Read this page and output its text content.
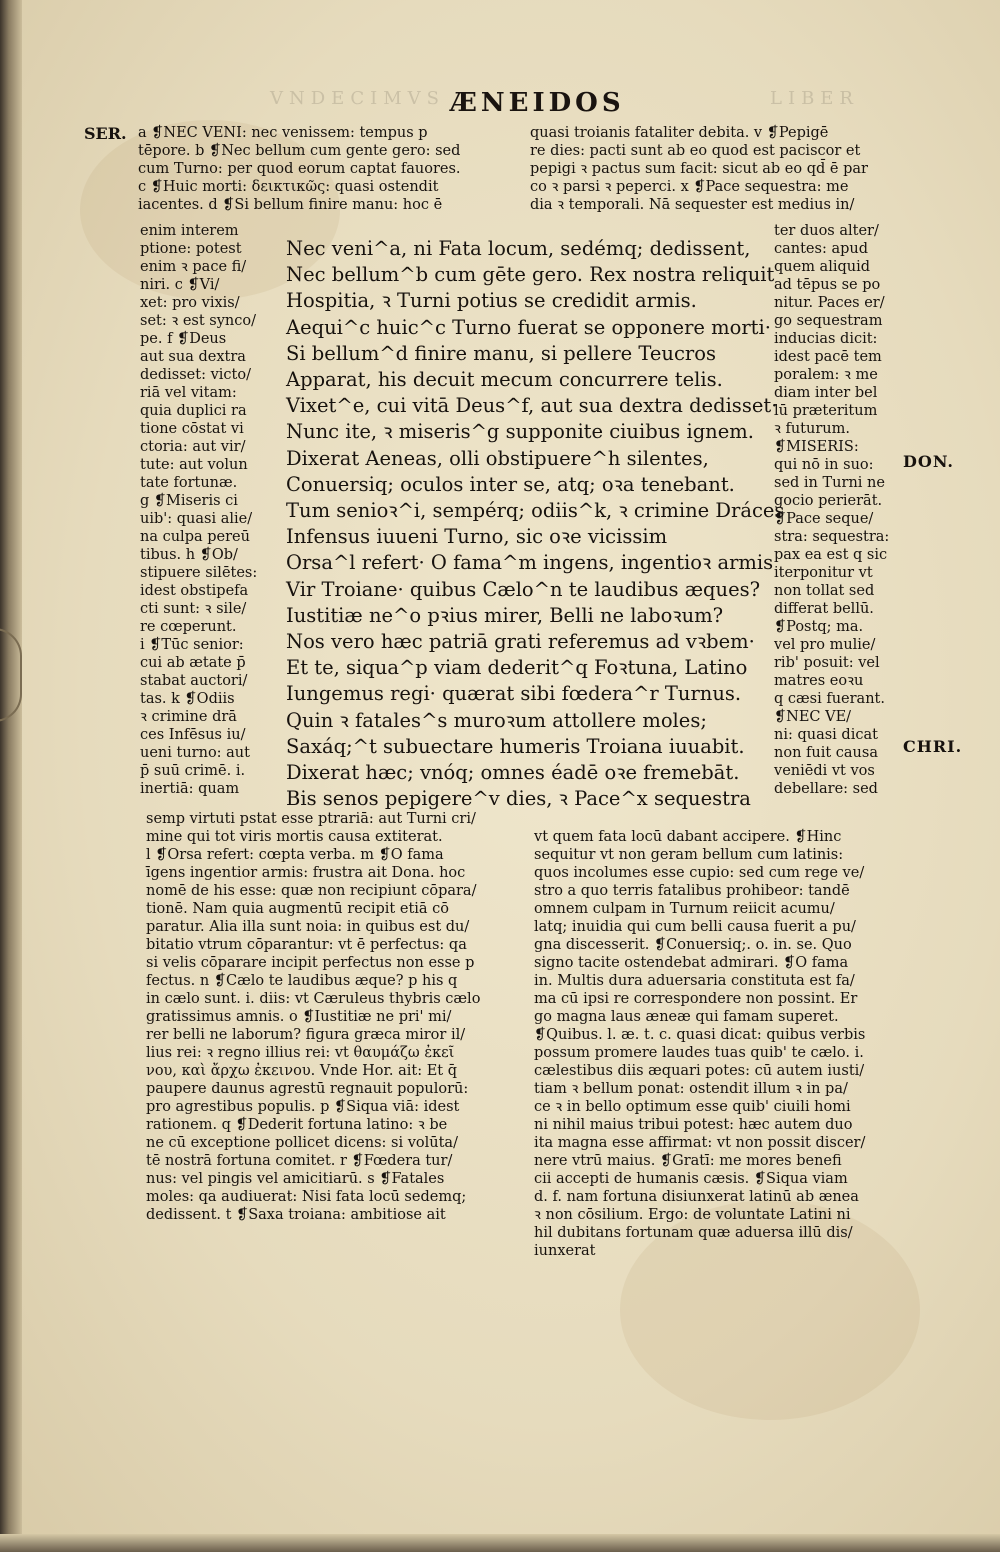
VNDECIMVS	LIBER
ÆNEIDOS
SER.
DON.
CHRI.
a ❡NEC VENI: nec venissem: tempus p
tēpore. b ❡Nec bellum cum gente gero: sed
cum Turno: per quod eorum captat fauores.
c ❡Huic morti: δεικτικῶς: quasi ostendit
iacentes. d ❡Si bellum finire manu: hoc ē
quasi troianis fataliter debita. v ❡Pepigē
re dies: pacti sunt ab eo quod est paciscor et
pepigi ꝛ pactus sum facit: sicut ab eo qd̄ ē par
co ꝛ parsi ꝛ peperci. x ❡Pace sequestra: me
dia ꝛ temporali. Nā sequester est medius in/
enim interem
ptione: potest
enim ꝛ pace fi/
niri. c ❡Vi/
xet: pro vixis/
set: ꝛ est synco/
pe. f ❡Deus
aut sua dextra
dedisset: victo/
riā vel vitam:
quia duplici ra
tione cōstat vi
ctoria: aut vir/
tute: aut volun
tate fortunæ.
g ❡Miseris ci
uib': quasi alie/
na culpa pereū
tibus. h ❡Ob/
stipuere silētes:
idest obstipefa
cti sunt: ꝛ sile/
re cœperunt.
i ❡Tūc senior:
cui ab ætate p̄
stabat auctori/
tas. k ❡Odiis
ꝛ crimine drā
ces Infēsus iu/
ueni turno: aut
p̄ suū crimē. i.
inertiā: quam
Nec veni^a, ni Fata locum, sedémq; dedissent,
Nec bellum^b cum gēte gero. Rex nostra reliquit
Hospitia, ꝛ Turni potius se credidit armis.
Aequi^c huic^c Turno fuerat se opponere morti·
Si bellum^d finire manu, si pellere Teucros
Apparat, his decuit mecum concurrere telis.
Vixet^e, cui vitā Deus^f, aut sua dextra dedisset·
Nunc ite, ꝛ miseris^g supponite ciuibus ignem.
Dixerat Aeneas, olli obstipuere^h silentes,
Conuersiq; oculos inter se, atq; oꝛa tenebant.
Tum senioꝛ^i, sempérq; odiis^k, ꝛ crimine Dráces
Infensus iuueni Turno, sic oꝛe vicissim
Orsa^l refert· O fama^m ingens, ingentioꝛ armis
Vir Troiane· quibus Cælo^n te laudibus æques?
Iustitiæ ne^o pꝛius mirer, Belli ne laboꝛum?
Nos vero hæc patriā grati referemus ad vꝛbem·
Et te, siqua^p viam dederit^q Foꝛtuna, Latino
Iungemus regi· quærat sibi fœdera^r Turnus.
Quin ꝛ fatales^s muroꝛum attollere moles;
Saxáq;^t subuectare humeris Troiana iuuabit.
Dixerat hæc; vnóq; omnes éadē oꝛe fremebāt.
Bis senos pepigere^v dies, ꝛ Pace^x sequestra
ter duos alter/
cantes: apud
quem aliquid
ad tēpus se po
nitur. Paces er/
go sequestram
inducias dicit:
idest pacē tem
poralem: ꝛ me
diam inter bel
lū præteritum
ꝛ futurum.
❡MISERIS:
qui nō in suo:
sed in Turni ne
gocio perierāt.
❡Pace seque/
stra: sequestra:
pax ea est q sic
iterponitur vt
non tollat sed
differat bellū.
❡Postq; ma.
vel pro mulie/
rib' posuit: vel
matres eoꝛu
q cæsi fuerant.
❡NEC VE/
ni: quasi dicat
non fuit causa
veniēdi vt vos
debellare: sed
semp virtuti pstat esse ptrariā: aut Turni cri/
mine qui tot viris mortis causa extiterat.
l ❡Orsa refert: cœpta verba. m ❡O fama
īgens ingentior armis: frustra ait Dona. hoc
nomē de his esse: quæ non recipiunt cōpara/
tionē. Nam quia augmentū recipit etiā cō
paratur. Alia illa sunt noia: in quibus est du/
bitatio vtrum cōparantur: vt ē perfectus: qa
si velis cōparare incipit perfectus non esse p
fectus. n ❡Cælo te laudibus æque? p his q
in cælo sunt. i. diis: vt Cæruleus thybris cælo
gratissimus amnis. o ❡Iustitiæ ne pri' mi/
rer belli ne laborum? figura græca miror il/
lius rei: ꝛ regno illius rei: vt θαυμάζω ἐκεῖ
νου, καὶ ἄρχω ἐκεινου. Vnde Hor. ait: Et q̄
paupere daunus agrestū regnauit populorū:
pro agrestibus populis. p ❡Siqua viā: idest
rationem. q ❡Dederit fortuna latino: ꝛ be
ne cū exceptione pollicet dicens: si volūta/
tē nostrā fortuna comitet. r ❡Fœdera tur/
nus: vel pingis vel amicitiarū. s ❡Fatales
moles: qa audiuerat: Nisi fata locū sedemq;
dedissent. t ❡Saxa troiana: ambitiose ait
vt quem fata locū dabant accipere. ❡Hinc
sequitur vt non geram bellum cum latinis:
quos incolumes esse cupio: sed cum rege ve/
stro a quo terris fatalibus prohibeor: tandē
omnem culpam in Turnum reiicit acumu/
latq; inuidia qui cum belli causa fuerit a pu/
gna discesserit. ❡Conuersiq;. o. in. se. Quo
signo tacite ostendebat admirari. ❡O fama
in. Multis dura aduersaria constituta est fa/
ma cū ipsi re correspondere non possint. Er
go magna laus æneæ qui famam superet.
❡Quibus. l. æ. t. c. quasi dicat: quibus verbis
possum promere laudes tuas quib' te cælo. i.
cælestibus diis æquari potes: cū autem iusti/
tiam ꝛ bellum ponat: ostendit illum ꝛ in pa/
ce ꝛ in bello optimum esse quib' ciuili homi
ni nihil maius tribui potest: hæc autem duo
ita magna esse affirmat: vt non possit discer/
nere vtrū maius. ❡Gratī: me mores benefi
cii accepti de humanis cæsis. ❡Siqua viam
d. f. nam fortuna disiunxerat latinū ab ænea
ꝛ non cōsilium. Ergo: de voluntate Latini ni
hil dubitans fortunam quæ aduersa illū dis/
iunxerat
